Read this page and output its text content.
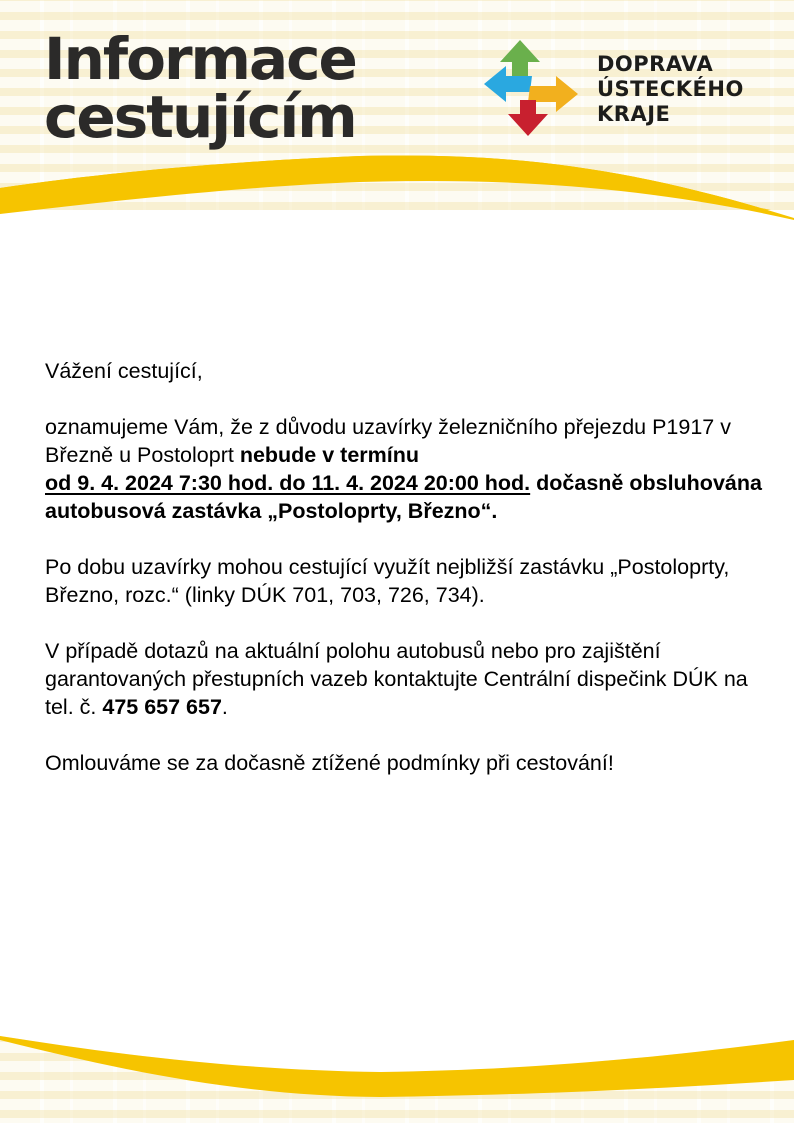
Informace
cestujícím
DOPRAVA
ÚSTECKÉHO
KRAJE

Vážení cestující,

oznamujeme Vám, že z důvodu uzavírky železničního přejezdu P1917 v Březně u Postoloprt nebude v termínu
od 9. 4. 2024 7:30 hod. do 11. 4. 2024 20:00 hod. dočasně obsluhována autobusová zastávka „Postoloprty, Březno“.

Po dobu uzavírky mohou cestující využít nejbližší zastávku „Postoloprty, Březno, rozc.“ (linky DÚK 701, 703, 726, 734).

V případě dotazů na aktuální polohu autobusů nebo pro zajištění garantovaných přestupních vazeb kontaktujte Centrální dispečink DÚK na tel. č. 475 657 657.

Omlouváme se za dočasně ztížené podmínky při cestování!
